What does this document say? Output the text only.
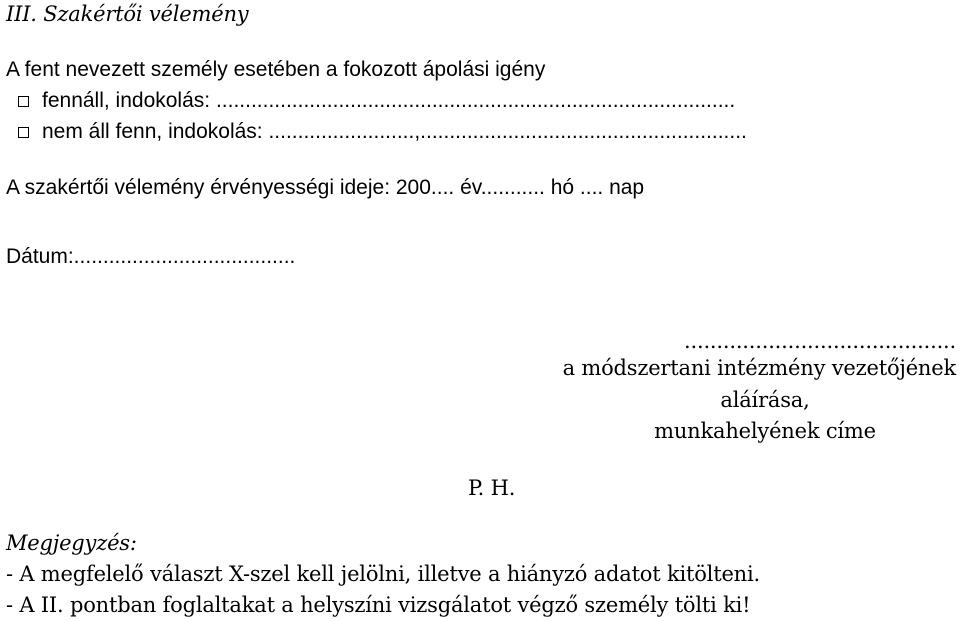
III. Szakértői vélemény
A fent nevezett személy esetében a fokozott ápolási igény
fennáll, indokolás: .........................................................................................
nem áll fenn, indokolás: .........................,........................................................
A szakértői vélemény érvényességi ideje: 200.... év........... hó .... nap
Dátum:......................................
..........................................
a módszertani intézmény vezetőjének
aláírása,
munkahelyének címe
P. H.
Megjegyzés:
- A megfelelő választ X-szel kell jelölni, illetve a hiányzó adatot kitölteni.
- A II. pontban foglaltakat a helyszíni vizsgálatot végző személy tölti ki!
